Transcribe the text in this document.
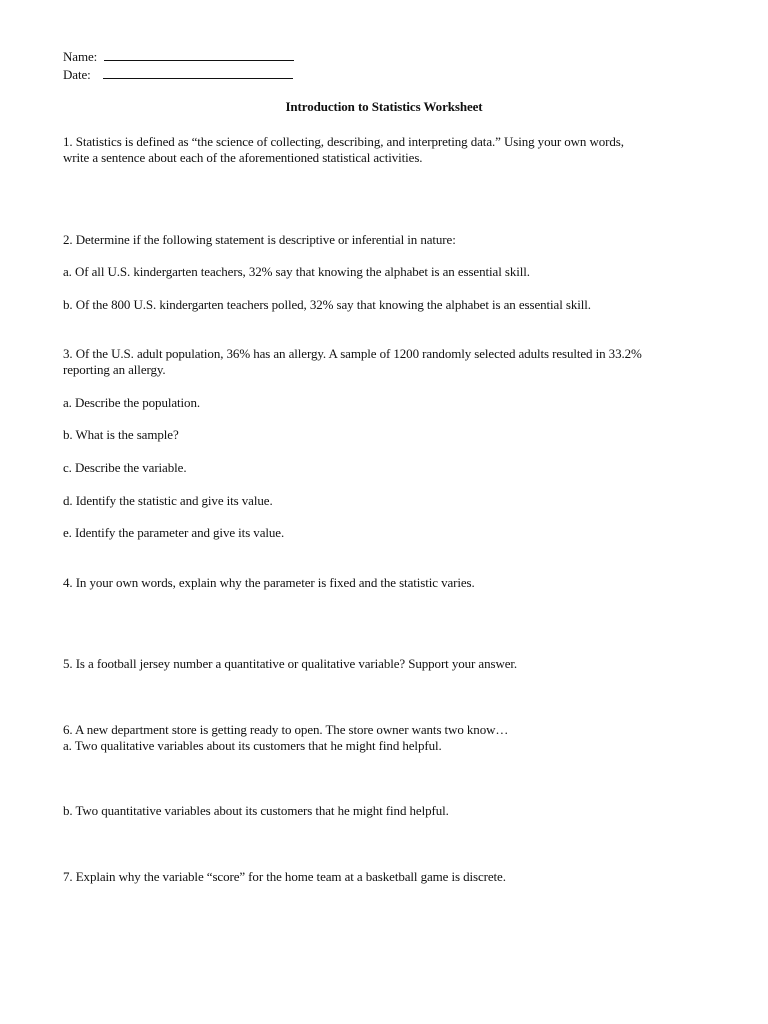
Name:
Date:
Introduction to Statistics Worksheet
1. Statistics is defined as “the science of collecting, describing, and interpreting data.” Using your own words,
write a sentence about each of the aforementioned statistical activities.
2. Determine if the following statement is descriptive or inferential in nature:
a. Of all U.S. kindergarten teachers, 32% say that knowing the alphabet is an essential skill.
b. Of the 800 U.S. kindergarten teachers polled, 32% say that knowing the alphabet is an essential skill.
3. Of the U.S. adult population, 36% has an allergy. A sample of 1200 randomly selected adults resulted in 33.2%
reporting an allergy.
a. Describe the population.
b. What is the sample?
c. Describe the variable.
d. Identify the statistic and give its value.
e. Identify the parameter and give its value.
4. In your own words, explain why the parameter is fixed and the statistic varies.
5. Is a football jersey number a quantitative or qualitative variable? Support your answer.
6. A new department store is getting ready to open. The store owner wants two know…
a. Two qualitative variables about its customers that he might find helpful.
b. Two quantitative variables about its customers that he might find helpful.
7. Explain why the variable “score” for the home team at a basketball game is discrete.
